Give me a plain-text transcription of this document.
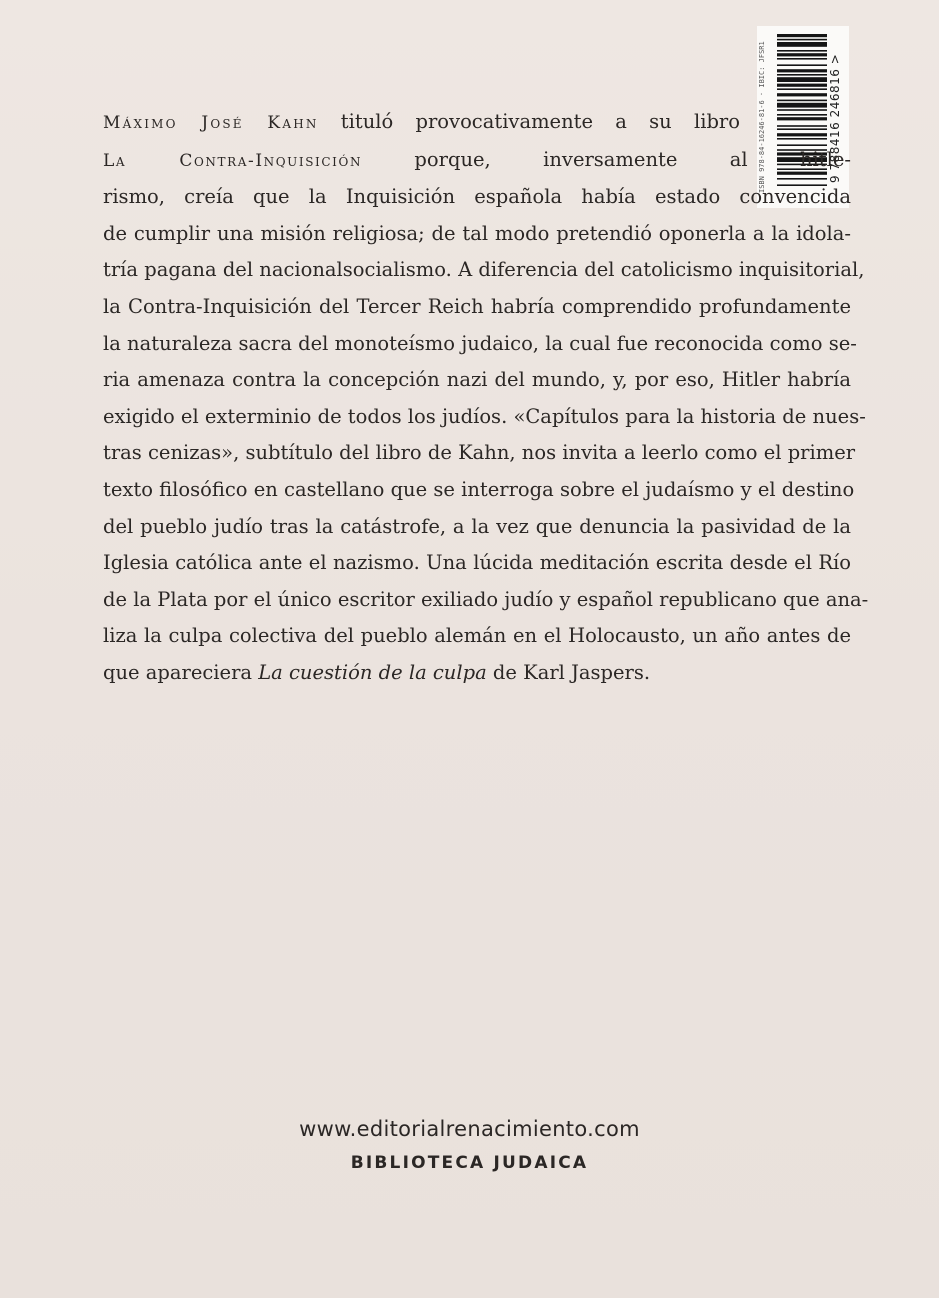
ISBN 978-84-16246-81-6 · IBIC: JFSR1	9 788416 246816 >
Máximo José Kahn tituló provocativamente a su libro
La Contra-Inquisición porque, inversamente al hitle-
rismo, creía que la Inquisición española había estado convencida
de cumplir una misión religiosa; de tal modo pretendió oponerla a la idola-
tría pagana del nacionalsocialismo. A diferencia del catolicismo inquisitorial,
la Contra-Inquisición del Tercer Reich habría comprendido profundamente
la naturaleza sacra del monoteísmo judaico, la cual fue reconocida como se-
ria amenaza contra la concepción nazi del mundo, y, por eso, Hitler habría
exigido el exterminio de todos los judíos. «Capítulos para la historia de nues-
tras cenizas», subtítulo del libro de Kahn, nos invita a leerlo como el primer
texto filosófico en castellano que se interroga sobre el judaísmo y el destino
del pueblo judío tras la catástrofe, a la vez que denuncia la pasividad de la
Iglesia católica ante el nazismo. Una lúcida meditación escrita desde el Río
de la Plata por el único escritor exiliado judío y español republicano que ana-
liza la culpa colectiva del pueblo alemán en el Holocausto, un año antes de
que apareciera La cuestión de la culpa de Karl Jaspers.
www.editorialrenacimiento.com
BIBLIOTECA JUDAICA
